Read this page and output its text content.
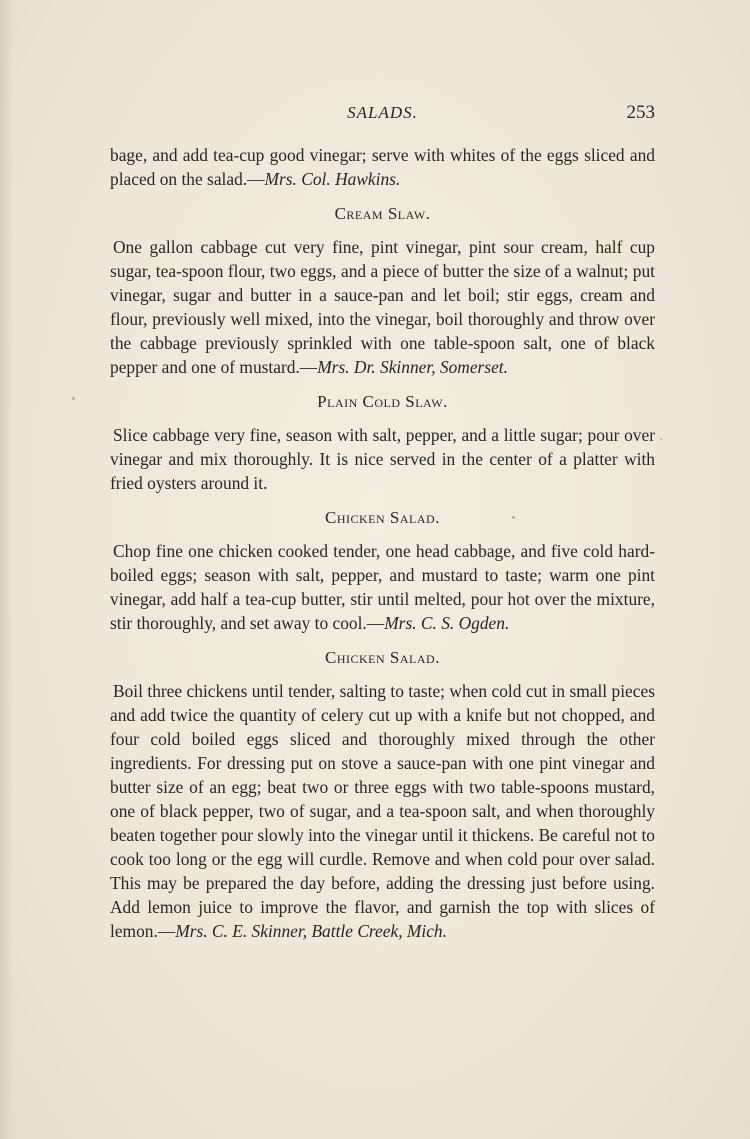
SALADS.	253

bage, and add tea-cup good vinegar; serve with whites of the eggs sliced and placed on the salad.—Mrs. Col. Hawkins.

Cream Slaw.

One gallon cabbage cut very fine, pint vinegar, pint sour cream, half cup sugar, tea-spoon flour, two eggs, and a piece of butter the size of a walnut; put vinegar, sugar and butter in a sauce-pan and let boil; stir eggs, cream and flour, previously well mixed, into the vinegar, boil thoroughly and throw over the cabbage previously sprinkled with one table-spoon salt, one of black pepper and one of mustard.—Mrs. Dr. Skinner, Somerset.

Plain Cold Slaw.

Slice cabbage very fine, season with salt, pepper, and a little sugar; pour over vinegar and mix thoroughly. It is nice served in the center of a platter with fried oysters around it.

Chicken Salad.

Chop fine one chicken cooked tender, one head cabbage, and five cold hard-boiled eggs; season with salt, pepper, and mustard to taste; warm one pint vinegar, add half a tea-cup butter, stir until melted, pour hot over the mixture, stir thoroughly, and set away to cool.—Mrs. C. S. Ogden.

Chicken Salad.

Boil three chickens until tender, salting to taste; when cold cut in small pieces and add twice the quantity of celery cut up with a knife but not chopped, and four cold boiled eggs sliced and thoroughly mixed through the other ingredients. For dressing put on stove a sauce-pan with one pint vinegar and butter size of an egg; beat two or three eggs with two table-spoons mustard, one of black pepper, two of sugar, and a tea-spoon salt, and when thoroughly beaten together pour slowly into the vinegar until it thickens. Be careful not to cook too long or the egg will curdle. Remove and when cold pour over salad. This may be prepared the day before, adding the dressing just before using. Add lemon juice to improve the flavor, and garnish the top with slices of lemon.—Mrs. C. E. Skinner, Battle Creek, Mich.
